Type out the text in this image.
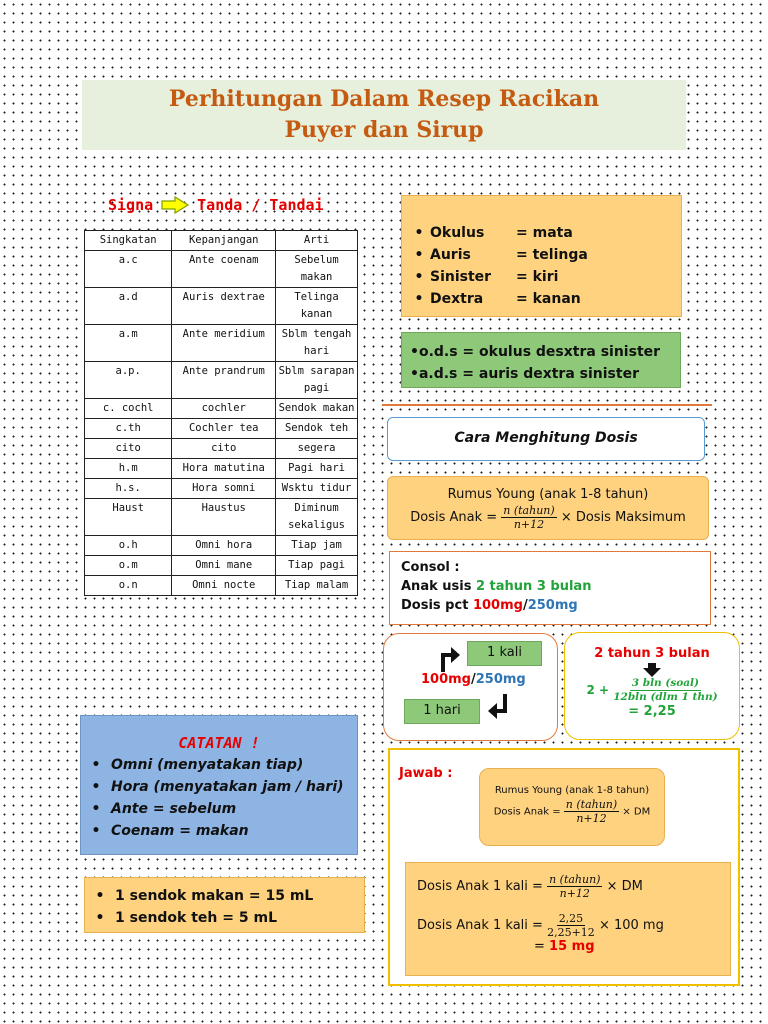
Perhitungan Dalam Resep Racikan
Puyer dan Sirup
Signa	Tanda / Tandai
Singkatan	Kepanjangan	Arti
a.c	Ante coenam	Sebelum makan
a.d	Auris dextrae	Telinga kanan
a.m	Ante meridium	Sblm tengah hari
a.p.	Ante prandrum	Sblm sarapan pagi
c. cochl	cochler	Sendok makan
c.th	Cochler tea	Sendok teh
cito	cito	segera
h.m	Hora matutina	Pagi hari
h.s.	Hora somni	Wsktu tidur
Haust	Haustus	Diminum sekaligus
o.h	Omni hora	Tiap jam
o.m	Omni mane	Tiap pagi
o.n	Omni nocte	Tiap malam
• Okulus	= mata
• Auris	= telinga
• Sinister	= kiri
• Dextra	= kanan
•o.d.s = okulus desxtra sinister
•a.d.s = auris dextra sinister
Cara Menghitung Dosis
Rumus Young (anak 1-8 tahun)
Dosis Anak = $\frac{\text{n (tahun)}}{n+12}$ × Dosis Maksimum
Consol :
Anak usis 2 tahun 3 bulan
Dosis pct 100mg/250mg
1 kali
100mg/250mg
1 hari
2 tahun 3 bulan
$2 + \frac{\text{3 bln (soal)}}{\text{12bln (dlm 1 thn)}}$
= 2,25
CATATAN !
• Omni (menyatakan tiap)
• Hora (menyatakan jam / hari)
• Ante = sebelum
• Coenam = makan
• 1 sendok makan = 15 mL
• 1 sendok teh = 5 mL
Jawab :
Rumus Young (anak 1-8 tahun)
Dosis Anak = $\frac{\text{n (tahun)}}{n+12}$ × DM
Dosis Anak 1 kali = $\frac{\text{n (tahun)}}{n+12}$ × DM
Dosis Anak 1 kali = $\frac{2,25}{2,25+12} \times 100$ mg
= 15 mg
